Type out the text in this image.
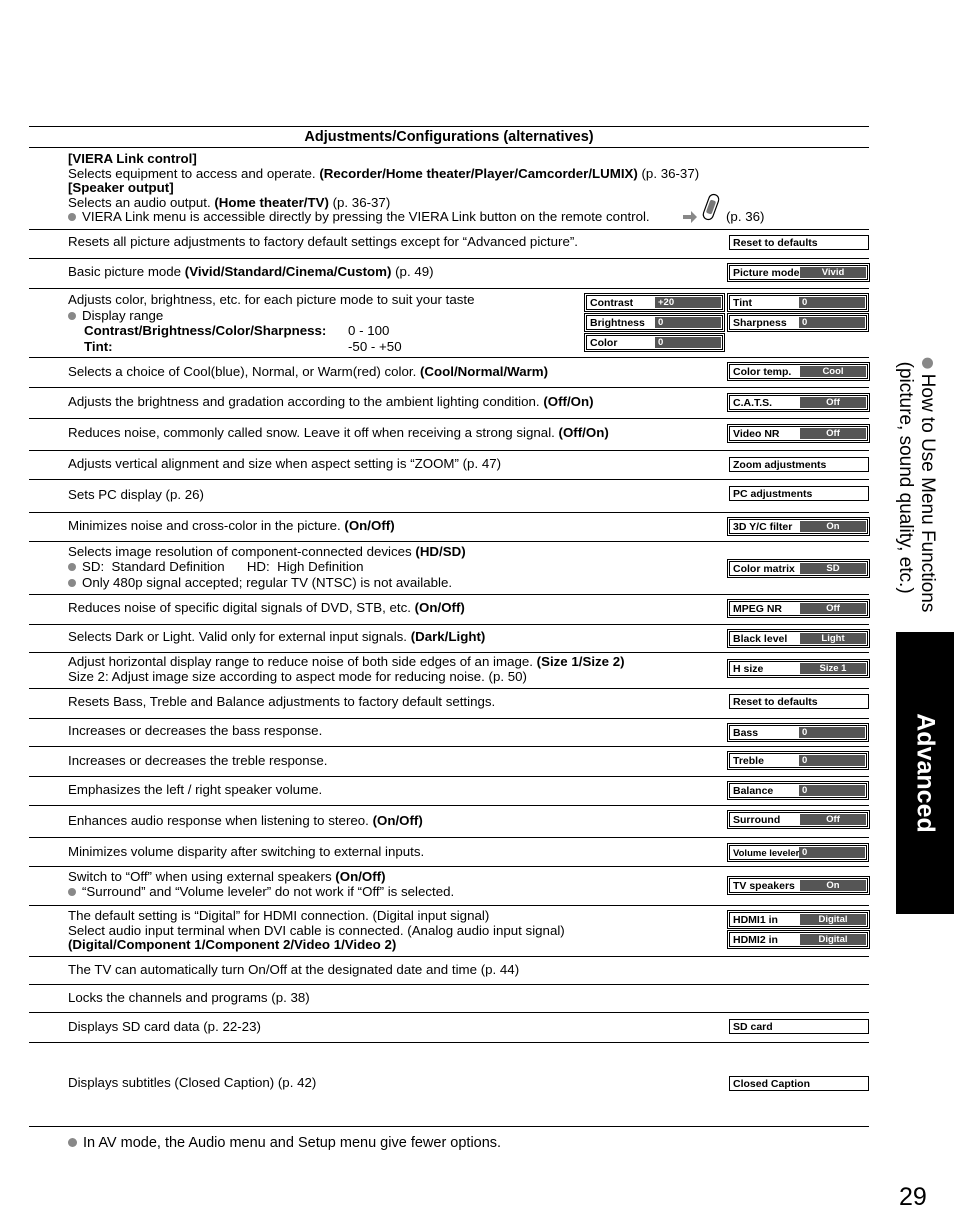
Adjustments/Configurations (alternatives)
[VIERA Link control]
Selects equipment to access and operate. (Recorder/Home theater/Player/Camcorder/LUMIX) (p. 36-37)
[Speaker output]
Selects an audio output. (Home theater/TV) (p. 36-37)
VIERA Link menu is accessible directly by pressing the VIERA Link button on the remote control.	(p. 36)
Resets all picture adjustments to factory default settings except for “Advanced picture”.	Reset to defaults
Basic picture mode (Vivid/Standard/Cinema/Custom) (p. 49)	Picture mode	Vivid
Adjusts color, brightness, etc. for each picture mode to suit your taste
Display range
Contrast/Brightness/Color/Sharpness: 0 - 100
Tint:	-50 - +50
Contrast	+20
Brightness	0
Color	0
Tint	0
Sharpness	0
Selects a choice of Cool(blue), Normal, or Warm(red) color. (Cool/Normal/Warm)	Color temp.	Cool
Adjusts the brightness and gradation according to the ambient lighting condition. (Off/On)	C.A.T.S.	Off
Reduces noise, commonly called snow. Leave it off when receiving a strong signal. (Off/On)	Video NR	Off
Adjusts vertical alignment and size when aspect setting is “ZOOM” (p. 47)	Zoom adjustments
Sets PC display (p. 26)	PC adjustments
Minimizes noise and cross-color in the picture. (On/Off)	3D Y/C filter	On
Selects image resolution of component-connected devices (HD/SD)
SD:  Standard Definition      HD:  High Definition
Only 480p signal accepted; regular TV (NTSC) is not available.
Color matrix	SD
Reduces noise of specific digital signals of DVD, STB, etc. (On/Off)	MPEG NR	Off
Selects Dark or Light. Valid only for external input signals. (Dark/Light)	Black level	Light
Adjust horizontal display range to reduce noise of both side edges of an image. (Size 1/Size 2)
Size 2: Adjust image size according to aspect mode for reducing noise. (p. 50)	H size	Size 1
Resets Bass, Treble and Balance adjustments to factory default settings.	Reset to defaults
Increases or decreases the bass response.	Bass	0
Increases or decreases the treble response.	Treble	0
Emphasizes the left / right speaker volume.	Balance	0
Enhances audio response when listening to stereo. (On/Off)	Surround	Off
Minimizes volume disparity after switching to external inputs.	Volume leveler 0
Switch to “Off” when using external speakers (On/Off)
“Surround” and “Volume leveler” do not work if “Off” is selected.	TV speakers	On
The default setting is “Digital” for HDMI connection. (Digital input signal)
Select audio input terminal when DVI cable is connected. (Analog audio input signal)
(Digital/Component 1/Component 2/Video 1/Video 2)
HDMI1 in	Digital
HDMI2 in	Digital
The TV can automatically turn On/Off at the designated date and time (p. 44)
Locks the channels and programs (p. 38)
Displays SD card data (p. 22-23)	SD card
Displays subtitles (Closed Caption) (p. 42)	Closed Caption
In AV mode, the Audio menu and Setup menu give fewer options.
How to Use Menu Functions
(picture, sound quality, etc.)
Advanced
29
